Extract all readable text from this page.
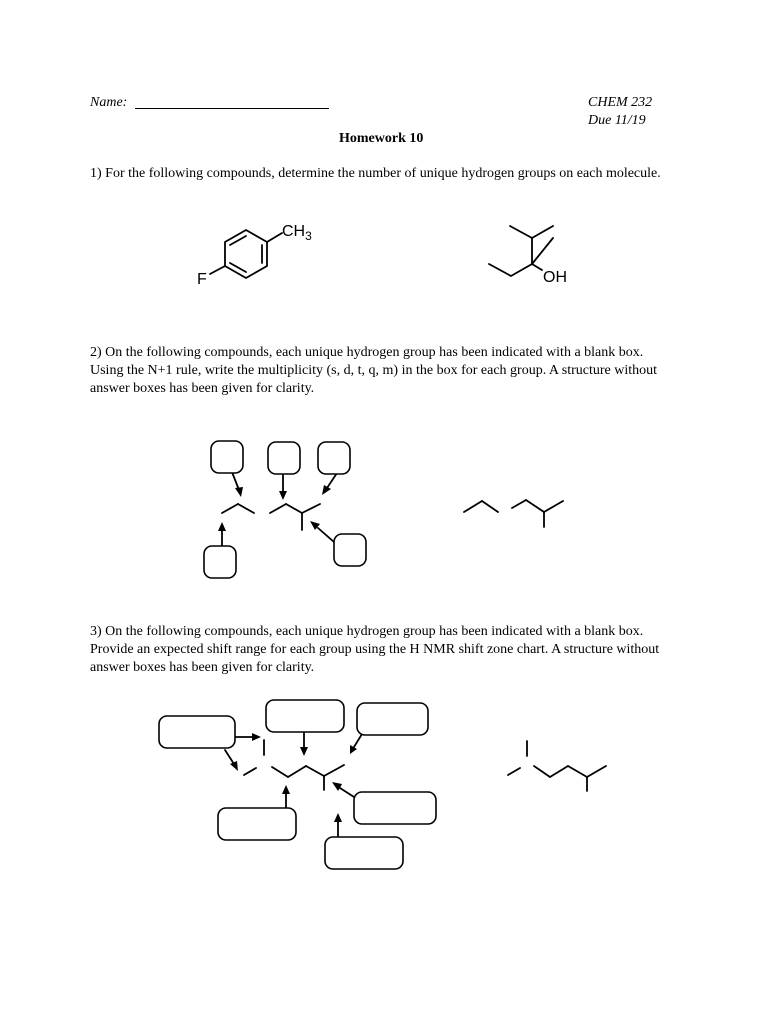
Name:	CHEM 232
Due 11/19
Homework 10
1) For the following compounds, determine the number of unique hydrogen groups on each molecule.
$CH_3$
F	OH
2) On the following compounds, each unique hydrogen group has been indicated with a blank box. Using the N+1 rule, write the multiplicity (s, d, t, q, m) in the box for each group. A structure without answer boxes has been given for clarity.
3) On the following compounds, each unique hydrogen group has been indicated with a blank box. Provide an expected shift range for each group using the H NMR shift zone chart. A structure without answer boxes has been given for clarity.
